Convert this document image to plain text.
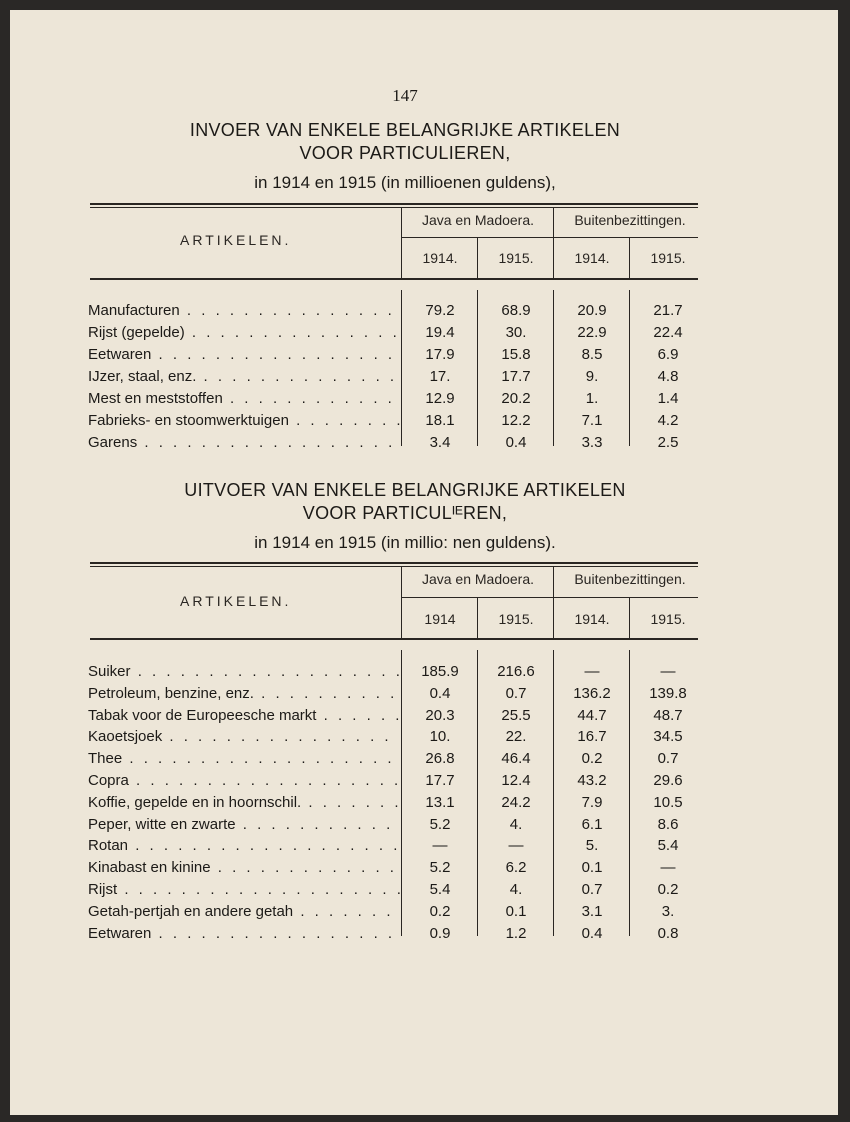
147
INVOER VAN ENKELE BELANGRIJKE ARTIKELEN
VOOR PARTICULIEREN,
in 1914 en 1915 (in millioenen guldens),
ARTIKELEN.
Java en Madoera.	Buitenbezittingen.
1914.	1915.	1914.	1915.
Manufacturen . . .	79.2	68.9	20.9	21.7
Rijst (gepelde) . . .	19.4	30.	22.9	22.4
Eetwaren . . .	17.9	15.8	8.5	6.9
IJzer, staal, enz. . . .	17.	17.7	9.	4.8
Mest en meststoffen . . .	12.9	20.2	1.	1.4
Fabrieks- en stoomwerktuigen . . .	18.1	12.2	7.1	4.2
Garens . . .	3.4	0.4	3.3	2.5
UITVOER VAN ENKELE BELANGRIJKE ARTIKELEN
VOOR PARTICULᴵᴱREN,
in 1914 en 1915 (in millio: nen guldens).
ARTIKELEN.
Java en Madoera.	Buitenbezittingen.
1914	1915.	1914.	1915.
Suiker . . .	185.9	216.6	—	—
Petroleum, benzine, enz. . . .	0.4	0.7	136.2	139.8
Tabak voor de Europeesche markt . . .	20.3	25.5	44.7	48.7
Kaoetsjoek . . .	10.	22.	16.7	34.5
Thee . . .	26.8	46.4	0.2	0.7
Copra . . .	17.7	12.4	43.2	29.6
Koffie, gepelde en in hoornschil. . . .	13.1	24.2	7.9	10.5
Peper, witte en zwarte . . .	5.2	4.	6.1	8.6
Rotan . . .	—	—	5.	5.4
Kinabast en kinine . . .	5.2	6.2	0.1	—
Rijst . . .	5.4	4.	0.7	0.2
Getah-pertjah en andere getah . . .	0.2	0.1	3.1	3.
Eetwaren . . .	0.9	1.2	0.4	0.8
